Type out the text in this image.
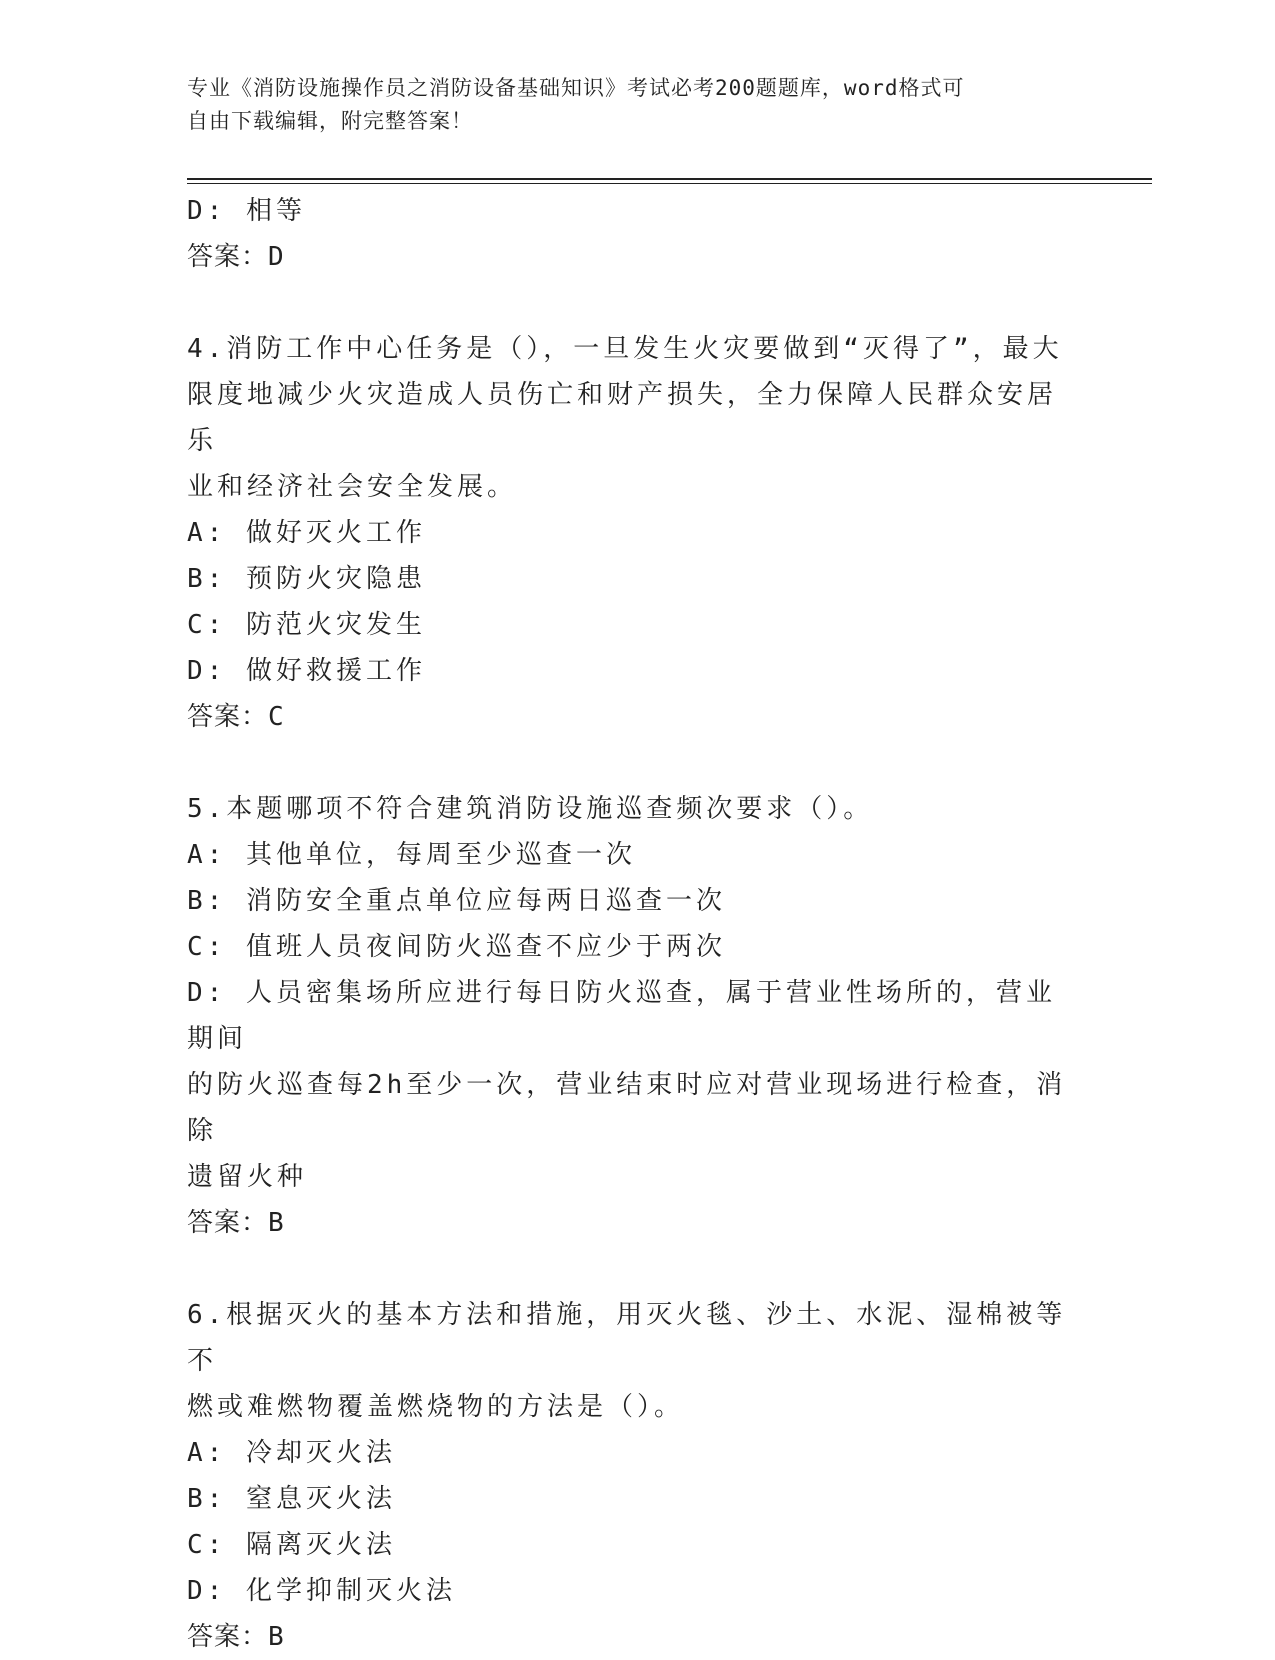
专业《消防设施操作员之消防设备基础知识》考试必考200题题库，word格式可
自由下载编辑，附完整答案！
D: 相等
答案：D
4.消防工作中心任务是（），一旦发生火灾要做到“灭得了”，最大
限度地减少火灾造成人员伤亡和财产损失，全力保障人民群众安居乐
业和经济社会安全发展。
A: 做好灭火工作
B: 预防火灾隐患
C: 防范火灾发生
D: 做好救援工作
答案：C
5.本题哪项不符合建筑消防设施巡查频次要求（）。
A: 其他单位，每周至少巡查一次
B: 消防安全重点单位应每两日巡查一次
C: 值班人员夜间防火巡查不应少于两次
D: 人员密集场所应进行每日防火巡查，属于营业性场所的，营业期间
的防火巡查每2h至少一次，营业结束时应对营业现场进行检查，消除
遗留火种
答案：B
6.根据灭火的基本方法和措施，用灭火毯、沙土、水泥、湿棉被等不
燃或难燃物覆盖燃烧物的方法是（）。
A: 冷却灭火法
B: 窒息灭火法
C: 隔离灭火法
D: 化学抑制灭火法
答案：B
